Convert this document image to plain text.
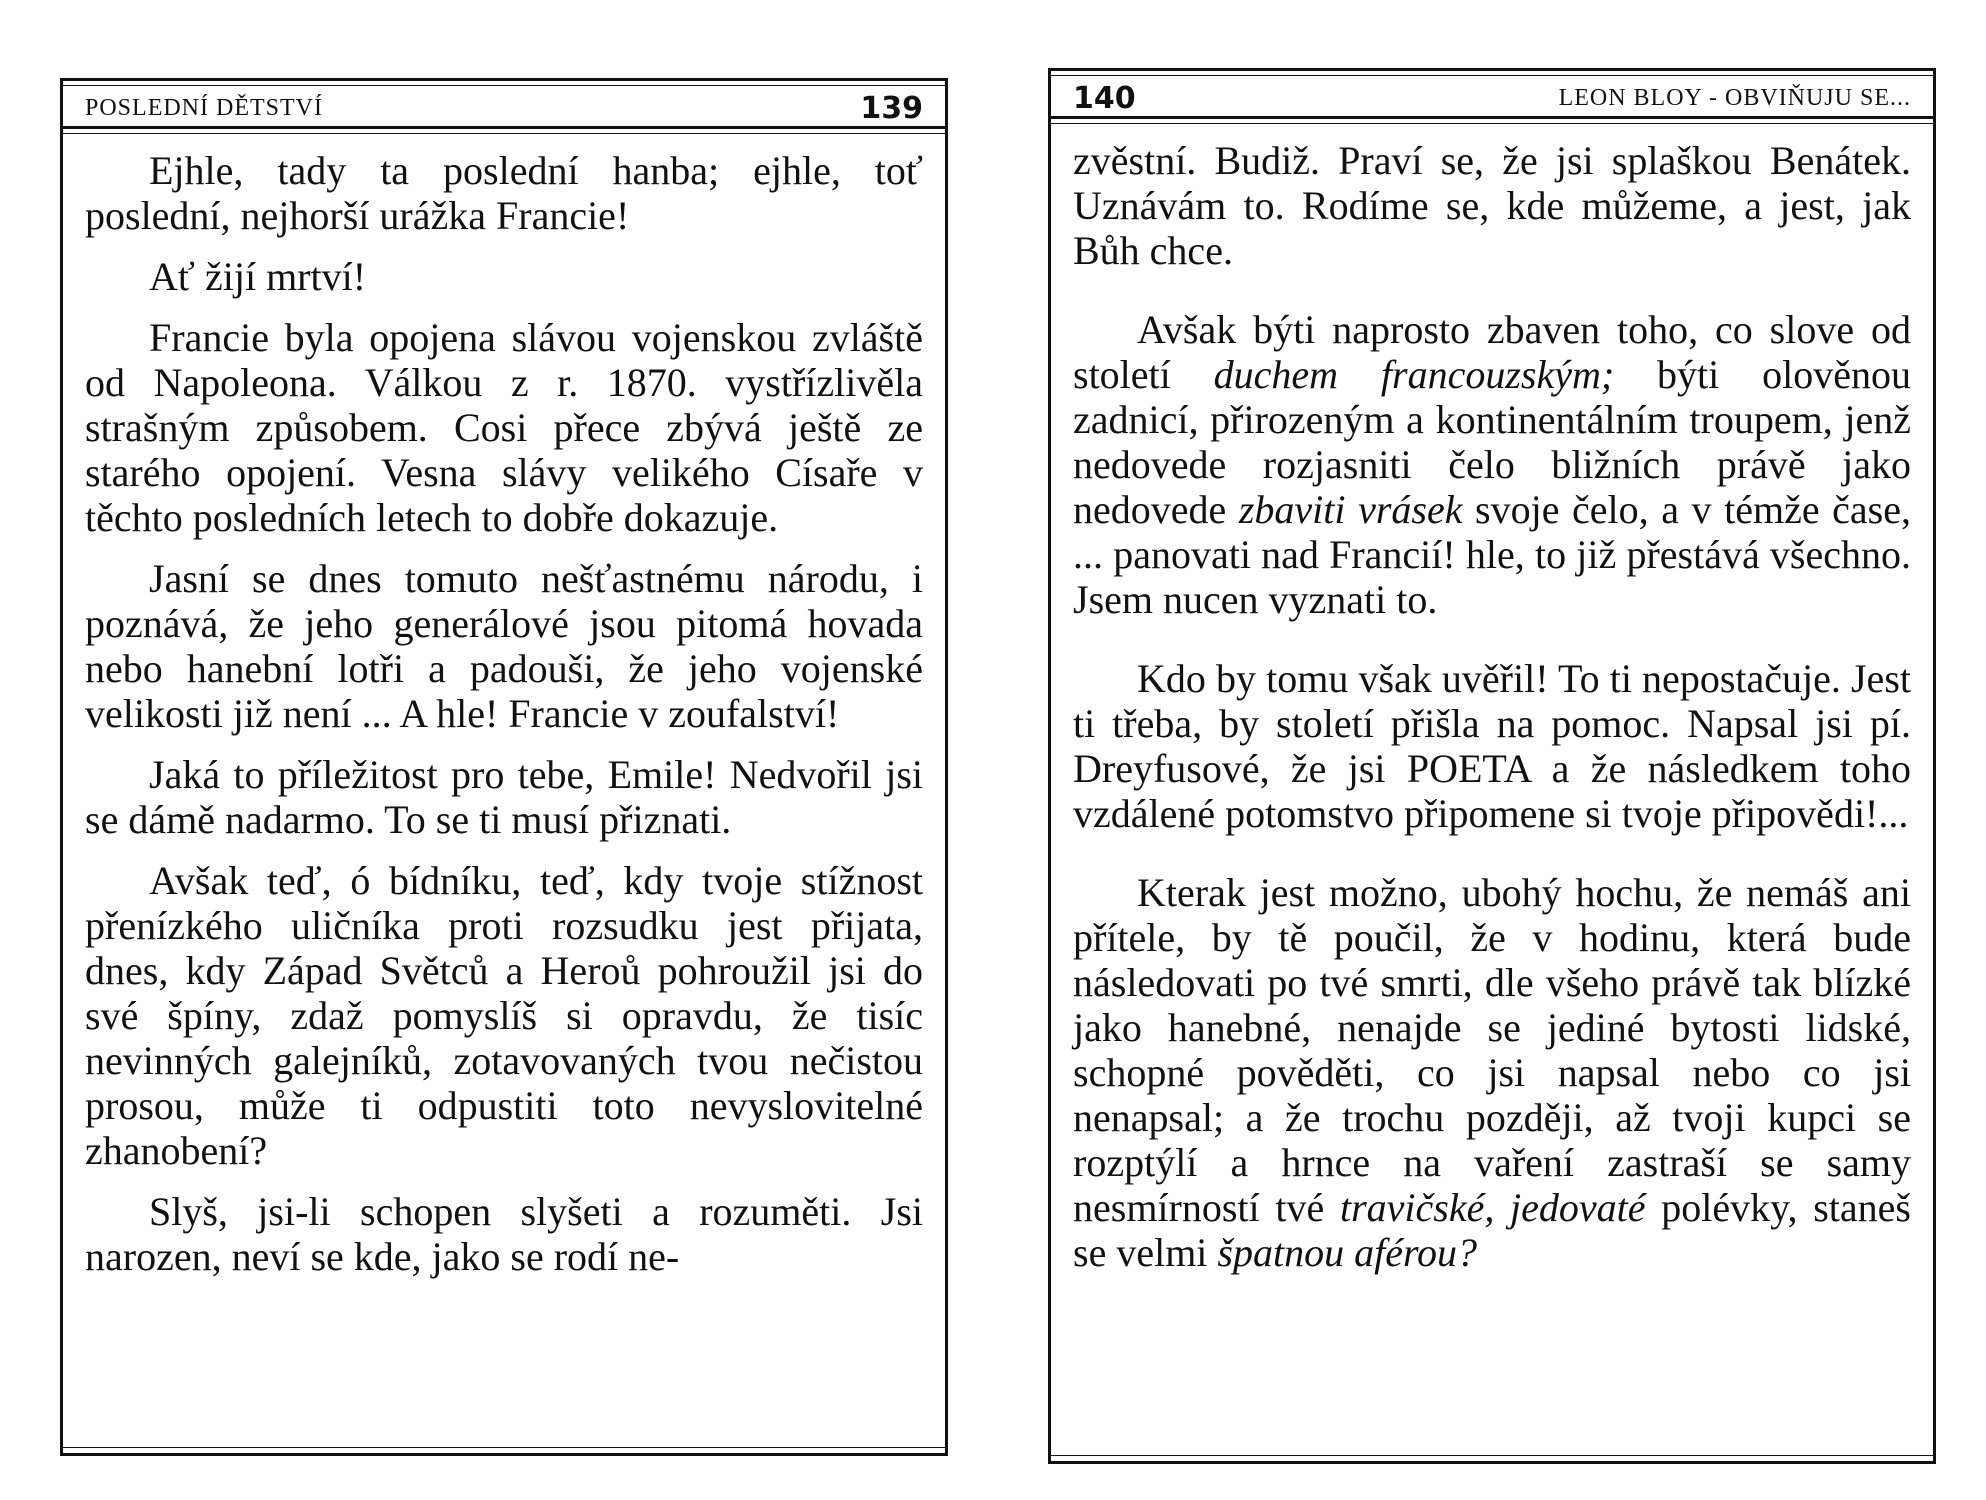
POSLEDNÍ DĚTSTVÍ	139

Ejhle, tady ta poslední hanba; ejhle, toť poslední, nejhorší urážka Francie!

Ať žijí mrtví!

Francie byla opojena slávou vojenskou zvláště od Napoleona. Válkou z r. 1870. vystřízlivěla strašným způsobem. Cosi přece zbývá ještě ze starého opojení. Vesna slávy velikého Císaře v těchto posledních letech to dobře dokazuje.

Jasní se dnes tomuto nešťastnému národu, i poznává, že jeho generálové jsou pitomá hovada nebo hanební lotři a padouši, že jeho vojenské velikosti již není ... A hle! Francie v zoufalství!

Jaká to příležitost pro tebe, Emile! Nedvořil jsi se dámě nadarmo. To se ti musí přiznati.

Avšak teď, ó bídníku, teď, kdy tvoje stížnost přenízkého uličníka proti rozsudku jest přijata, dnes, kdy Západ Světců a Heroů pohroužil jsi do své špíny, zdaž pomyslíš si opravdu, že tisíc nevinných galejníků, zotavovaných tvou nečistou prosou, může ti odpustiti toto nevyslovitelné zhanobení?

Slyš, jsi-li schopen slyšeti a rozuměti. Jsi narozen, neví se kde, jako se rodí ne-

140	LEON BLOY - OBVIŇUJU SE...

zvěstní. Budiž. Praví se, že jsi splaškou Benátek. Uznávám to. Rodíme se, kde můžeme, a jest, jak Bůh chce.

Avšak býti naprosto zbaven toho, co slove od století duchem francouzským; býti olověnou zadnicí, přirozeným a kontinentálním troupem, jenž nedovede rozjasniti čelo bližních právě jako nedovede zbaviti vrásek svoje čelo, a v témže čase, ... panovati nad Francií! hle, to již přestává všechno. Jsem nucen vyznati to.

Kdo by tomu však uvěřil! To ti nepostačuje. Jest ti třeba, by století přišla na pomoc. Napsal jsi pí. Dreyfusové, že jsi POETA a že následkem toho vzdálené potomstvo připomene si tvoje připovědi!...

Kterak jest možno, ubohý hochu, že nemáš ani přítele, by tě poučil, že v hodinu, která bude následovati po tvé smrti, dle všeho právě tak blízké jako hanebné, nenajde se jediné bytosti lidské, schopné pověděti, co jsi napsal nebo co jsi nenapsal; a že trochu později, až tvoji kupci se rozptýlí a hrnce na vaření zastraší se samy nesmírností tvé travičské, jedovaté polévky, staneš se velmi špatnou aférou?
